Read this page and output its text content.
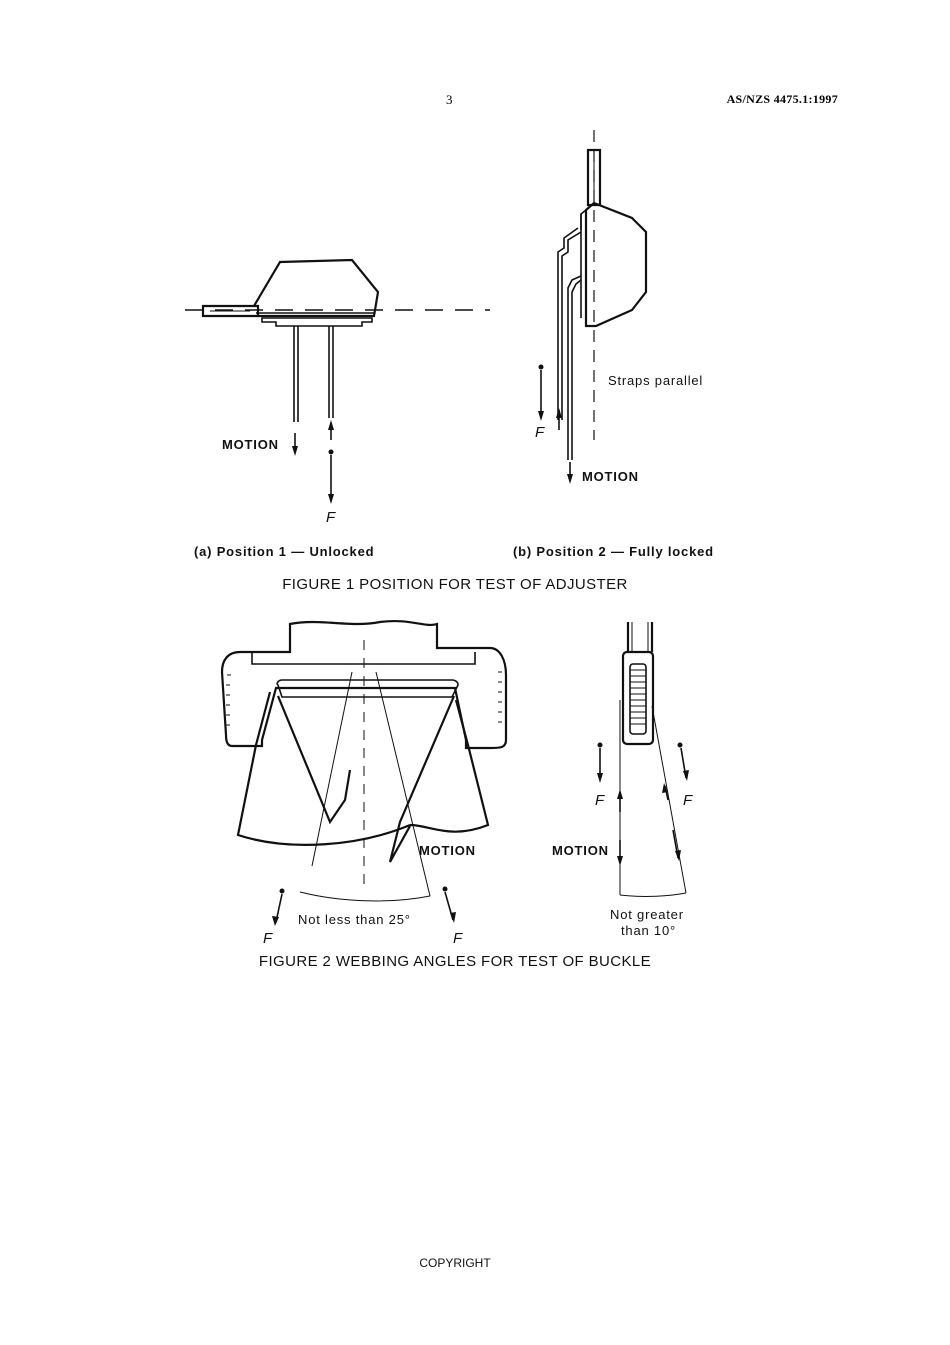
3	AS/NZS 4475.1:1997
MOTION
F
Straps parallel
F
MOTION
(a) Position 1 — Unlocked	(b) Position 2 — Fully locked
MOTION
Not less than 25°
F	F
MOTION
F	F
Not greater
than 10°
FIGURE 1 POSITION FOR TEST OF ADJUSTER
FIGURE 2 WEBBING ANGLES FOR TEST OF BUCKLE
COPYRIGHT
